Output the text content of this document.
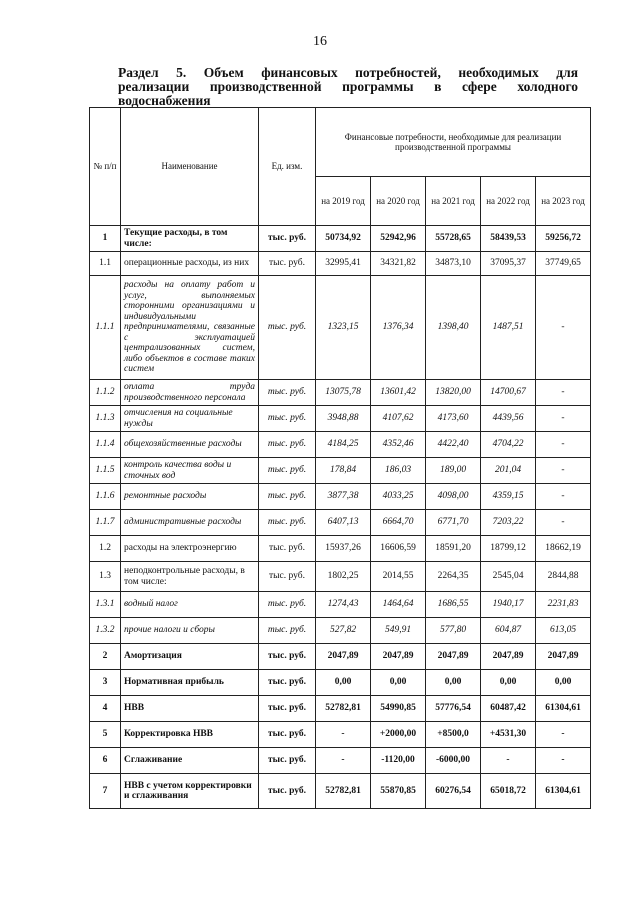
16
Раздел 5. Объем финансовых потребностей, необходимых для
реализации производственной программы в сфере холодного
водоснабжения
№ п/п	Наименование	Ед. изм.	Финансовые потребности, необходимые для реализации производственной программы				
			на 2019 год	на 2020 год	на 2021 год	на 2022 год	на 2023 год
1	Текущие расходы, в том числе:	тыс. руб.	50734,92	52942,96	55728,65	58439,53	59256,72
1.1	операционные расходы, из них	тыс. руб.	32995,41	34321,82	34873,10	37095,37	37749,65
1.1.1	расходы на оплату работ и услуг, выполняемых сторонними организациями и индивидуальными предпринимателями, связанные с эксплуатацией централизованных систем, либо объектов в составе таких систем	тыс. руб.	1323,15	1376,34	1398,40	1487,51	-
1.1.2	оплата труда производственного персонала	тыс. руб.	13075,78	13601,42	13820,00	14700,67	-
1.1.3	отчисления на социальные нужды	тыс. руб.	3948,88	4107,62	4173,60	4439,56	-
1.1.4	общехозяйственные расходы	тыс. руб.	4184,25	4352,46	4422,40	4704,22	-
1.1.5	контроль качества воды и сточных вод	тыс. руб.	178,84	186,03	189,00	201,04	-
1.1.6	ремонтные расходы	тыс. руб.	3877,38	4033,25	4098,00	4359,15	-
1.1.7	административные расходы	тыс. руб.	6407,13	6664,70	6771,70	7203,22	-
1.2	расходы на электроэнергию	тыс. руб.	15937,26	16606,59	18591,20	18799,12	18662,19
1.3	неподконтрольные расходы, в том числе:	тыс. руб.	1802,25	2014,55	2264,35	2545,04	2844,88
1.3.1	водный налог	тыс. руб.	1274,43	1464,64	1686,55	1940,17	2231,83
1.3.2	прочие налоги и сборы	тыс. руб.	527,82	549,91	577,80	604,87	613,05
2	Амортизация	тыс. руб.	2047,89	2047,89	2047,89	2047,89	2047,89
3	Нормативная прибыль	тыс. руб.	0,00	0,00	0,00	0,00	0,00
4	НВВ	тыс. руб.	52782,81	54990,85	57776,54	60487,42	61304,61
5	Корректировка НВВ	тыс. руб.	-	+2000,00	+8500,0	+4531,30	-
6	Сглаживание	тыс. руб.	-	-1120,00	-6000,00	-	-
7	НВВ с учетом корректировки и сглаживания	тыс. руб.	52782,81	55870,85	60276,54	65018,72	61304,61
